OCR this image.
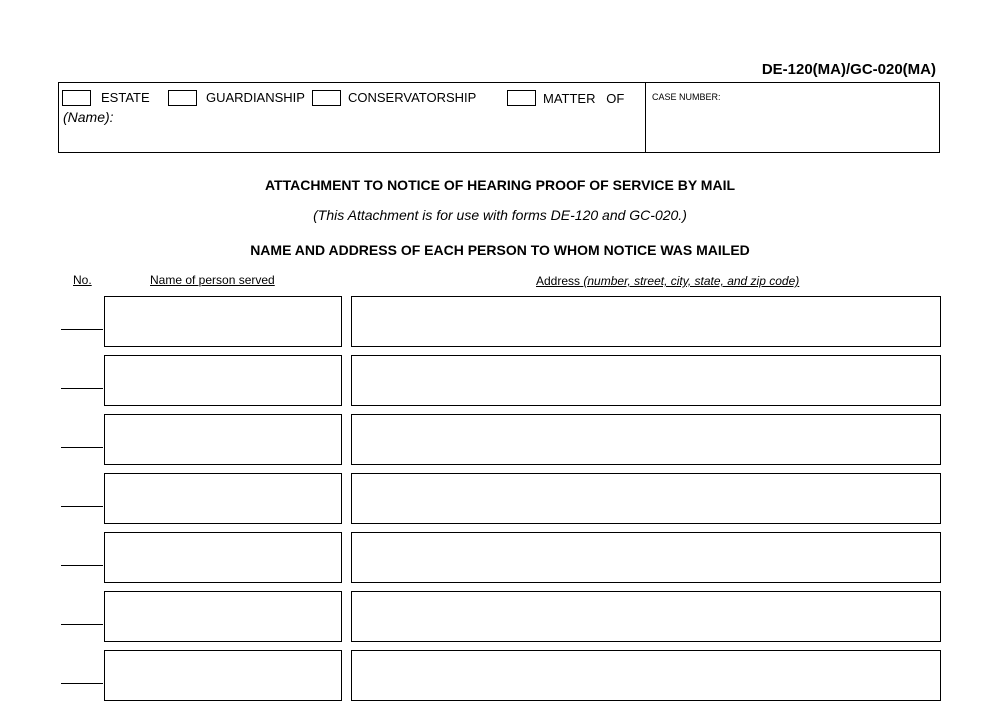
DE-120(MA)/GC-020(MA)
ESTATE	GUARDIANSHIP	CONSERVATORSHIP	MATTER   OF
(Name):
CASE NUMBER:
ATTACHMENT TO NOTICE OF HEARING PROOF OF SERVICE BY MAIL
(This Attachment is for use with forms DE-120 and GC-020.)
NAME AND ADDRESS OF EACH PERSON TO WHOM NOTICE WAS MAILED
No.	Name of person served	Address (number, street, city, state, and zip code)
